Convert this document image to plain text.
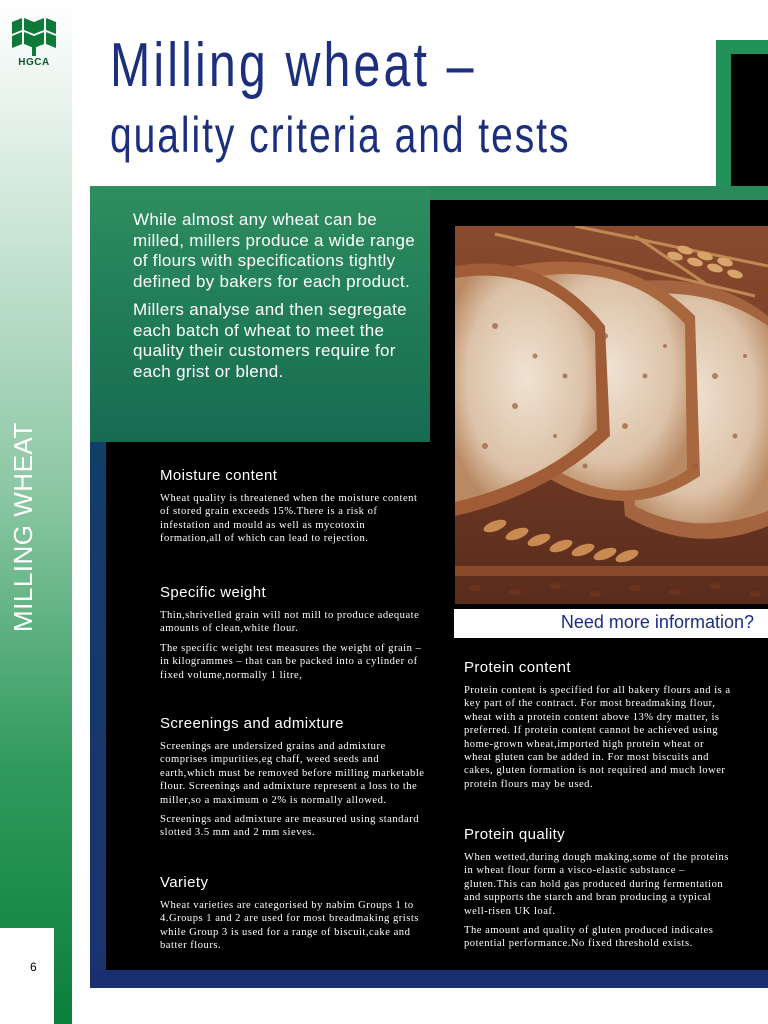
HGCA
MILLING WHEAT
6
Milling wheat –
quality criteria and tests

While almost any wheat can be milled, millers produce a wide range of flours with specifications tightly defined by bakers for each product.

Millers analyse and then segregate each batch of wheat to meet the quality their customers require for each grist or blend.

Need more information?
Moisture content

Wheat quality is threatened when the moisture content of stored grain exceeds 15%.There is a risk of infestation and mould as well as mycotoxin formation,all of which can lead to rejection.

Specific weight

Thin,shrivelled grain will not mill to produce adequate amounts of clean,white flour.

The specific weight test measures the weight of grain – in kilogrammes – that can be packed into a cylinder of fixed volume,normally 1 litre,

Screenings and admixture

Screenings are undersized grains and admixture comprises impurities,eg chaff, weed seeds and earth,which must be removed before milling marketable flour. Screenings and admixture represent a loss to the miller,so a maximum o 2% is normally allowed.

Screenings and admixture are measured using standard slotted 3.5 mm and 2 mm sieves.

Variety

Wheat varieties are categorised by nabim Groups 1 to 4.Groups 1 and 2 are used for most breadmaking grists while Group 3 is used for a range of biscuit,cake and batter flours.

Protein content

Protein content is specified for all bakery flours and is a key part of the contract. For most breadmaking flour, wheat with a protein content above 13% dry matter, is preferred. If protein content cannot be achieved using home-grown wheat,imported high protein wheat or wheat gluten can be added in. For most biscuits and cakes, gluten formation is not required and much lower protein flours may be used.

Protein quality

When wetted,during dough making,some of the proteins in wheat flour form a visco-elastic substance – gluten.This can hold gas produced during fermentation and supports the starch and bran producing a typical well-risen UK loaf.

The amount and quality of gluten produced indicates potential performance.No fixed threshold exists.
